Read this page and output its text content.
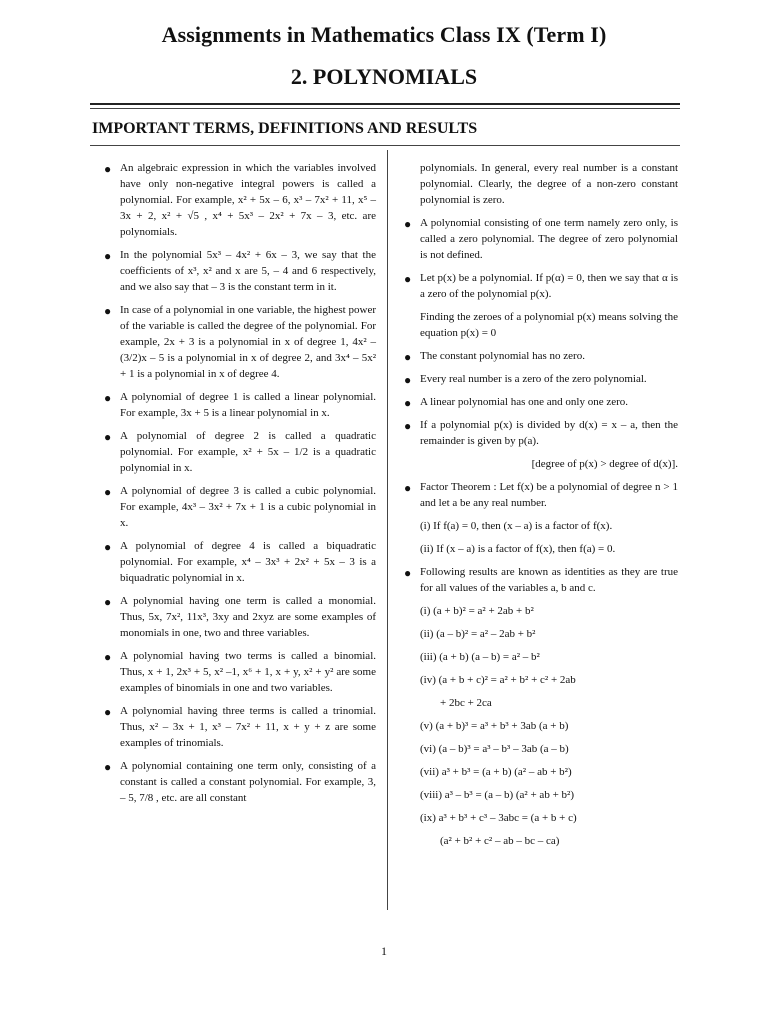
Assignments in Mathematics Class IX (Term I)
2. POLYNOMIALS
IMPORTANT TERMS, DEFINITIONS AND RESULTS
● An algebraic expression in which the variables involved have only non-negative integral powers is called a polynomial. For example, x² + 5x – 6, x³ – 7x² + 11, x⁵ – 3x + 2, x² + √5 , x⁴ + 5x³ – 2x² + 7x – 3, etc. are polynomials.
● In the polynomial 5x³ – 4x² + 6x – 3, we say that the coefficients of x³, x² and x are 5, – 4 and 6 respectively, and we also say that – 3 is the constant term in it.
● In case of a polynomial in one variable, the highest power of the variable is called the degree of the polynomial. For example, 2x + 3 is a polynomial in x of degree 1, 4x² – (3/2)x – 5 is a polynomial in x of degree 2, and 3x⁴ – 5x² + 1 is a polynomial in x of degree 4.
● A polynomial of degree 1 is called a linear polynomial. For example, 3x + 5 is a linear polynomial in x.
● A polynomial of degree 2 is called a quadratic polynomial. For example, x² + 5x – 1/2 is a quadratic polynomial in x.
● A polynomial of degree 3 is called a cubic polynomial. For example, 4x³ – 3x² + 7x + 1 is a cubic polynomial in x.
● A polynomial of degree 4 is called a biquadratic polynomial. For example, x⁴ – 3x³ + 2x² + 5x – 3 is a biquadratic polynomial in x.
● A polynomial having one term is called a monomial. Thus, 5x, 7x², 11x³, 3xy and 2xyz are some examples of monomials in one, two and three variables.
● A polynomial having two terms is called a binomial. Thus, x + 1, 2x³ + 5, x² –1, x⁶ + 1, x + y, x² + y² are some examples of binomials in one and two variables.
● A polynomial having three terms is called a trinomial. Thus, x² – 3x + 1, x³ – 7x² + 11, x + y + z are some examples of trinomials.
● A polynomial containing one term only, consisting of a constant is called a constant polynomial. For example, 3, – 5, 7/8 , etc. are all constant
polynomials. In general, every real number is a constant polynomial. Clearly, the degree of a non-zero constant polynomial is zero.
● A polynomial consisting of one term namely zero only, is called a zero polynomial. The degree of zero polynomial is not defined.
● Let p(x) be a polynomial. If p(α) = 0, then we say that α is a zero of the polynomial p(x).
Finding the zeroes of a polynomial p(x) means solving the equation p(x) = 0
● The constant polynomial has no zero.
● Every real number is a zero of the zero polynomial.
● A linear polynomial has one and only one zero.
● If a polynomial p(x) is divided by d(x) = x – a, then the remainder is given by p(a).
[degree of p(x) > degree of d(x)].
● Factor Theorem : Let f(x) be a polynomial of degree n > 1 and let a be any real number.
(i) If f(a) = 0, then (x – a) is a factor of f(x).
(ii) If (x – a) is a factor of f(x), then f(a) = 0.
● Following results are known as identities as they are true for all values of the variables a, b and c.
(i) (a + b)² = a² + 2ab + b²
(ii) (a – b)² = a² – 2ab + b²
(iii) (a + b) (a – b) = a² – b²
(iv) (a + b + c)² = a² + b² + c² + 2ab
+ 2bc + 2ca
(v) (a + b)³ = a³ + b³ + 3ab (a + b)
(vi) (a – b)³ = a³ – b³ – 3ab (a – b)
(vii) a³ + b³ = (a + b) (a² – ab + b²)
(viii) a³ – b³ = (a – b) (a² + ab + b²)
(ix) a³ + b³ + c³ – 3abc = (a + b + c)
(a² + b² + c² – ab – bc – ca)
1
